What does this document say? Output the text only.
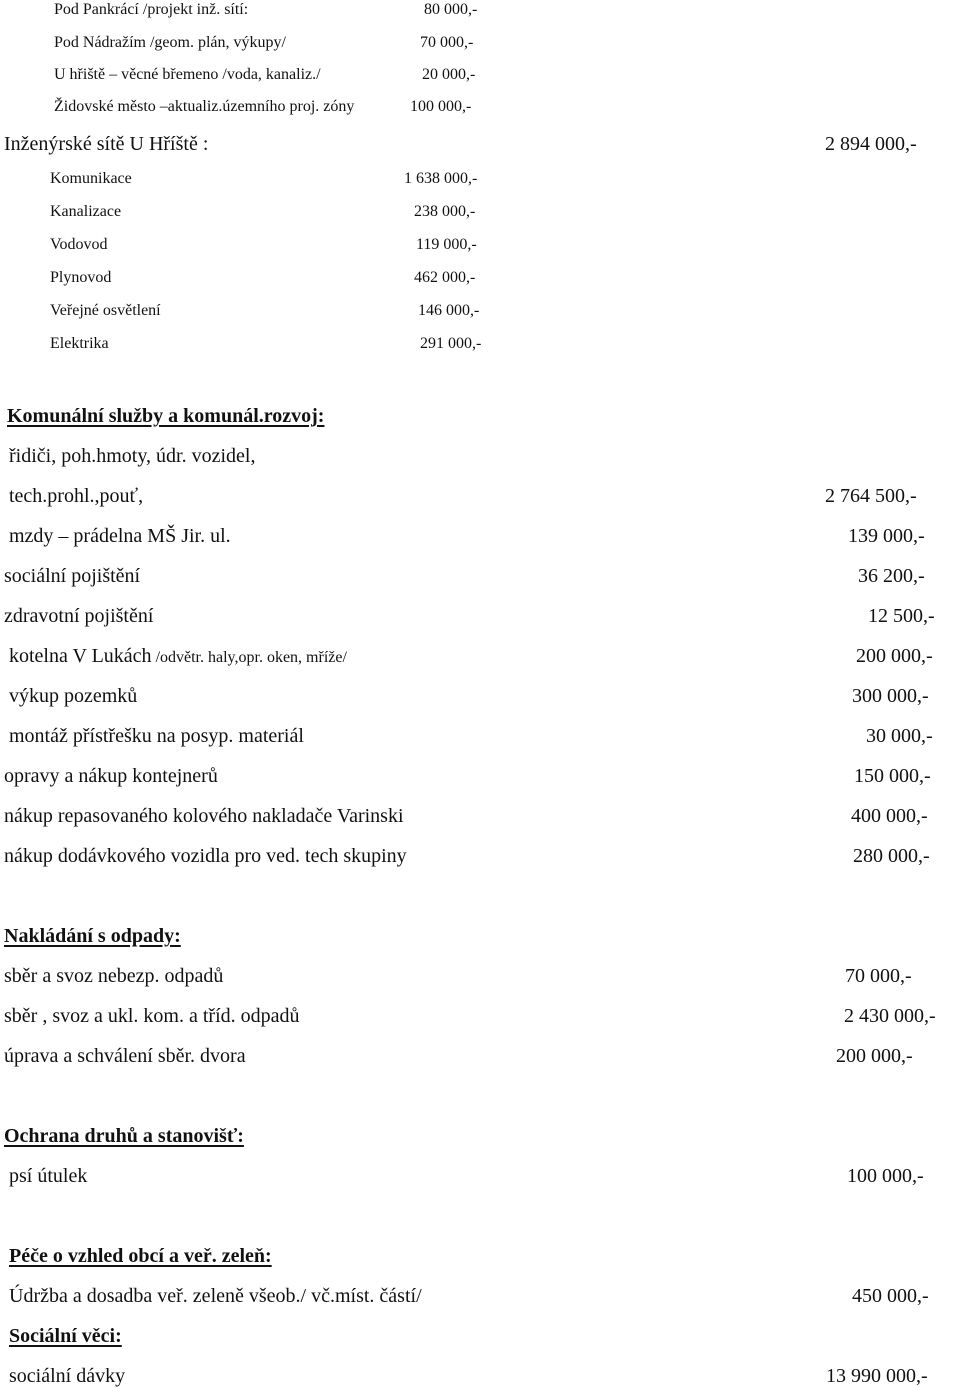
Pod Pankrácí /projekt inž. sítí:	80 000,-
Pod Nádražím /geom. plán, výkupy/	70 000,-
U hřiště – věcné břemeno /voda, kanaliz./	20 000,-
Židovské město –aktualiz.územního proj. zóny	100 000,-
Inženýrské sítě U Hříště :	2 894 000,-
Komunikace	1 638 000,-
Kanalizace	238 000,-
Vodovod	119 000,-
Plynovod	462 000,-
Veřejné osvětlení	146 000,-
Elektrika	291 000,-
Komunální služby a komunál.rozvoj:
řidiči, poh.hmoty, údr. vozidel,
tech.prohl.,pouť,	2 764 500,-
mzdy – prádelna MŠ Jir. ul.	139 000,-
sociální pojištění	36 200,-
zdravotní pojištění	12 500,-
kotelna V Lukách /odvětr. haly,opr. oken, mříže/	200 000,-
výkup pozemků	300 000,-
montáž přístřešku na posyp. materiál	30 000,-
opravy a nákup kontejnerů	150 000,-
nákup repasovaného kolového nakladače Varinski	400 000,-
nákup dodávkového vozidla pro ved. tech skupiny	280 000,-
Nakládání s odpady:
sběr a svoz nebezp. odpadů	70 000,-
sběr , svoz a ukl. kom. a tříd. odpadů	2 430 000,-
úprava a schválení sběr. dvora	200 000,-
Ochrana druhů a stanovišť:
psí útulek	100 000,-
Péče o vzhled obcí a veř. zeleň:
Údržba a dosadba veř. zeleně všeob./ vč.míst. částí/	450 000,-
Sociální věci:
sociální dávky	13 990 000,-
